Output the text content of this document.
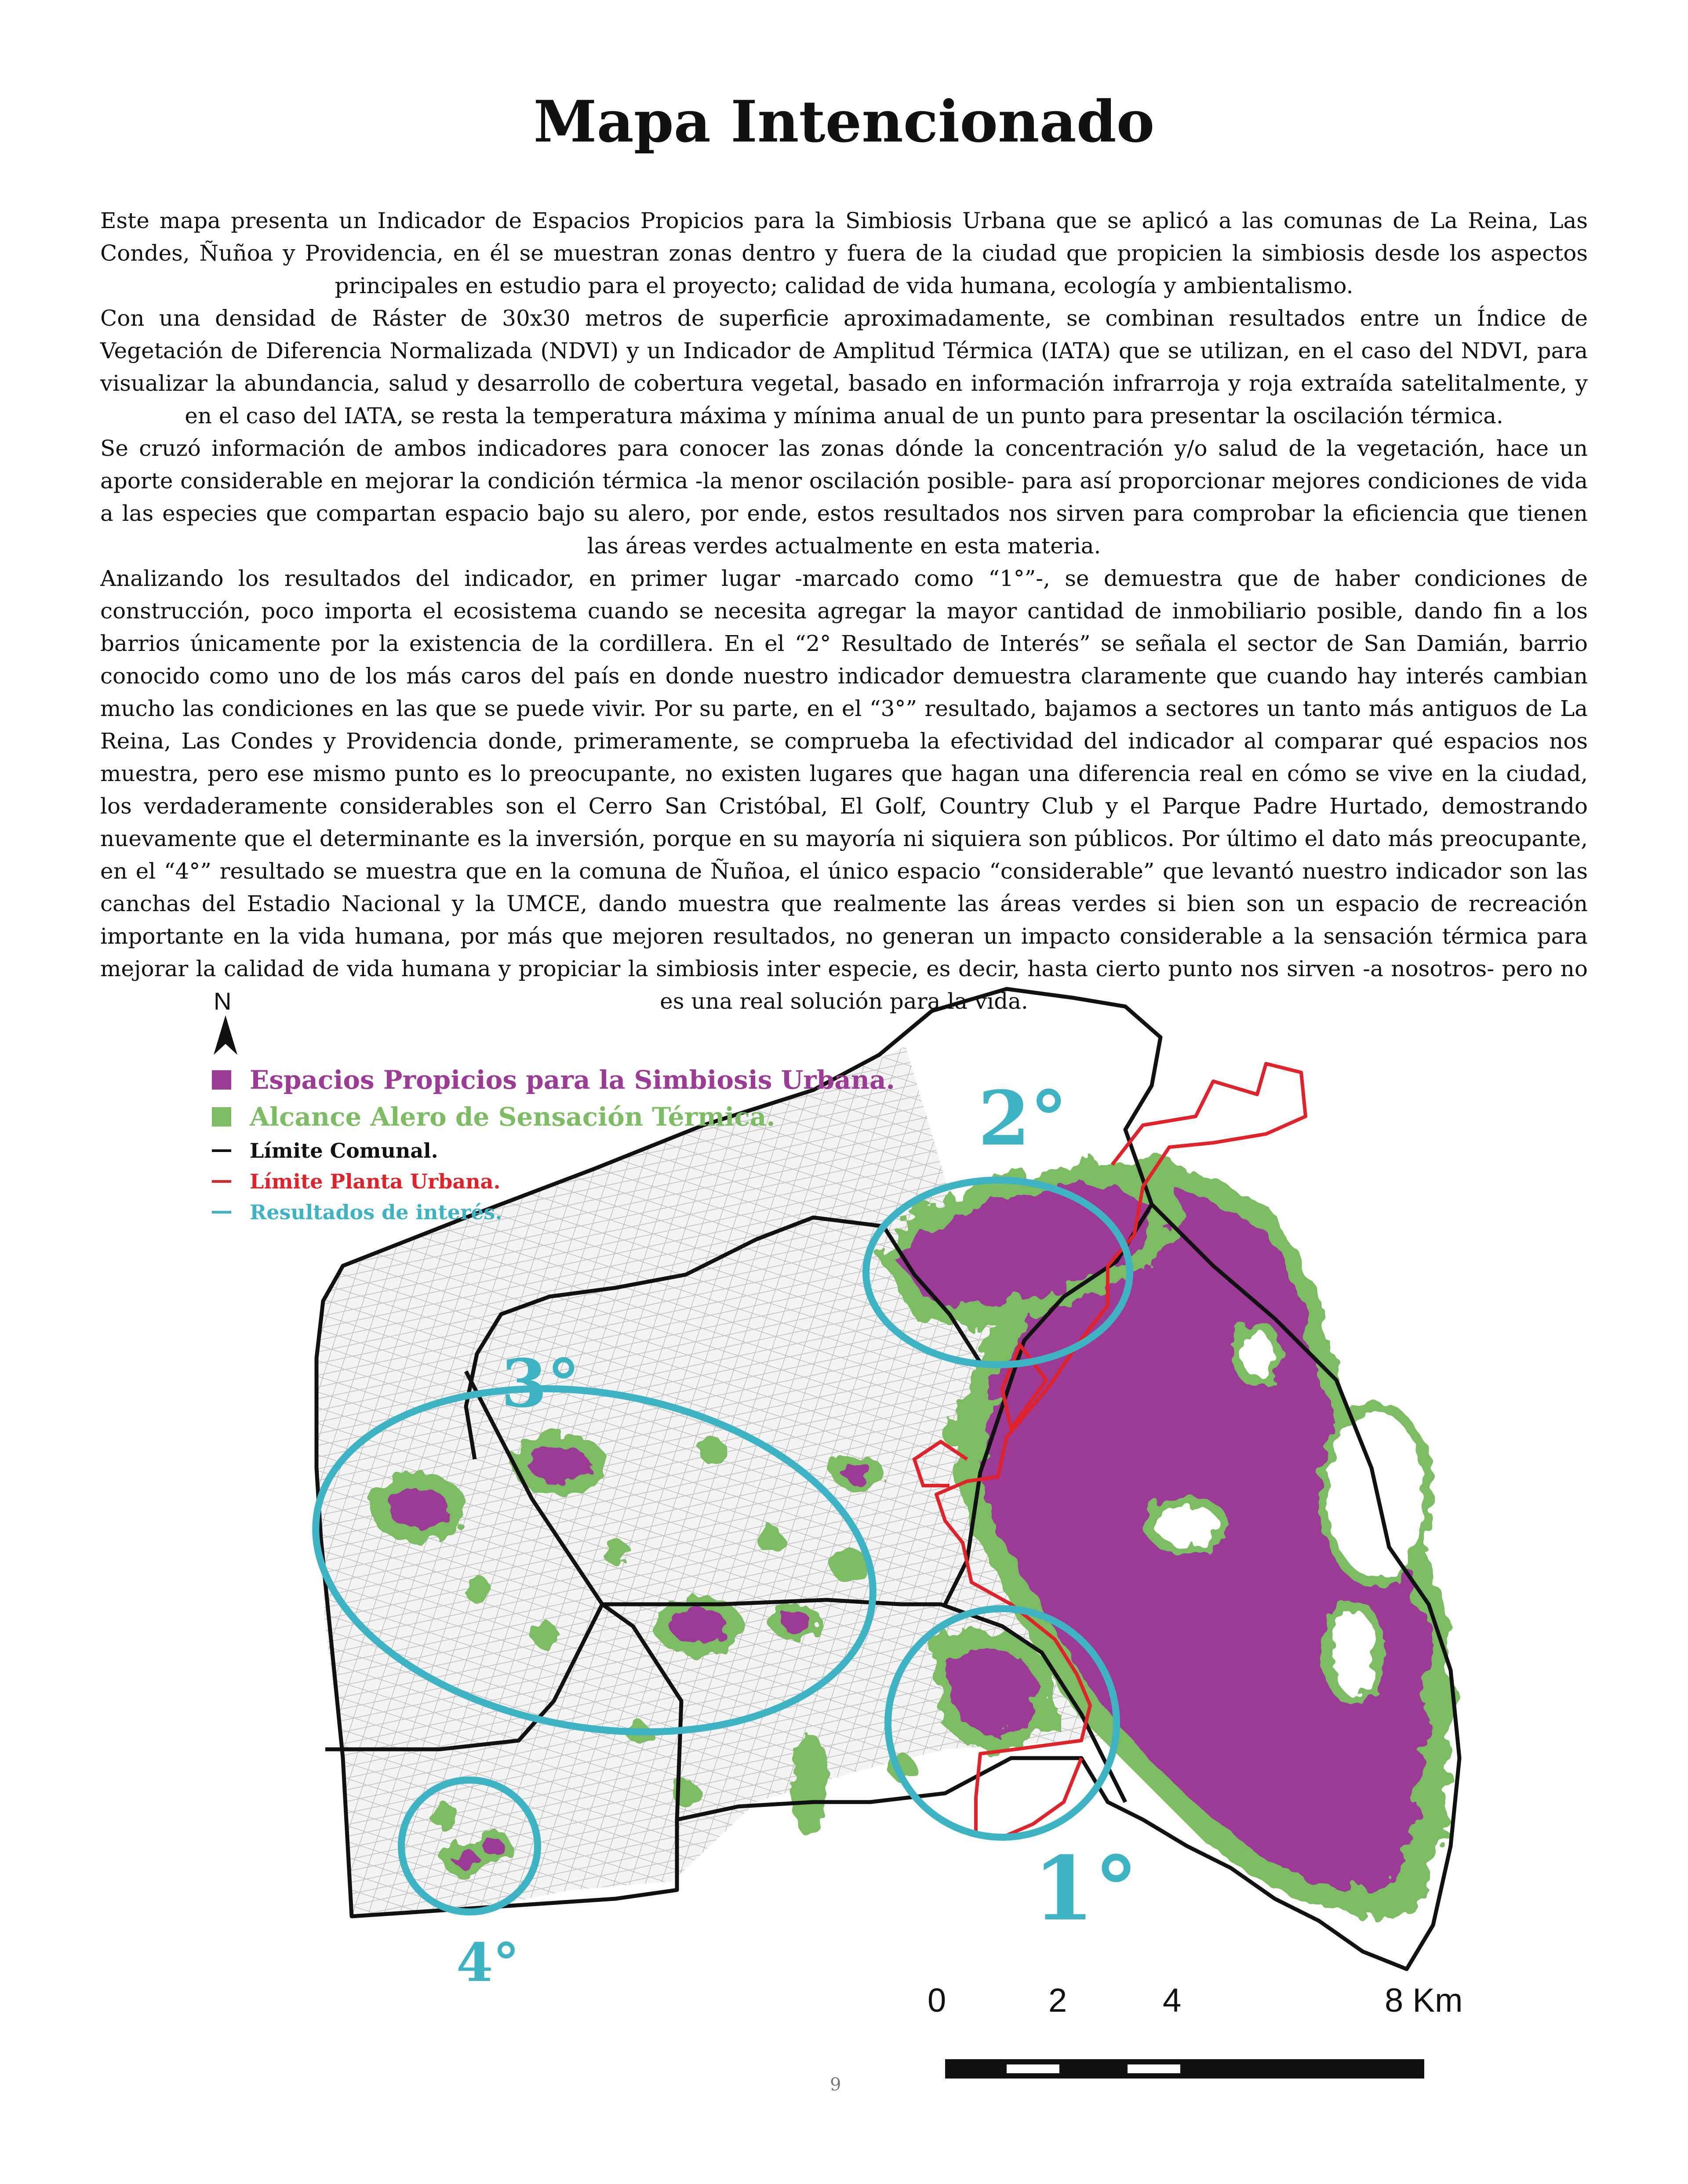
Mapa Intencionado

Este mapa presenta un Indicador de Espacios Propicios para la Simbiosis Urbana que se aplicó a las comunas de La Reina, Las Condes, Ñuñoa y Providencia, en él se muestran zonas dentro y fuera de la ciudad que propicien la simbiosis desde los aspectos principales en estudio para el proyecto; calidad de vida humana, ecología y ambientalismo.

Con una densidad de Ráster de 30x30 metros de superficie aproximadamente, se combinan resultados entre un Índice de Vegetación de Diferencia Normalizada (NDVI) y un Indicador de Amplitud Térmica (IATA) que se utilizan, en el caso del NDVI, para visualizar la abundancia, salud y desarrollo de cobertura vegetal, basado en información infrarroja y roja extraída satelitalmente, y en el caso del IATA, se resta la temperatura máxima y mínima anual de un punto para presentar la oscilación térmica.

Se cruzó información de ambos indicadores para conocer las zonas dónde la concentración y/o salud de la vegetación, hace un aporte considerable en mejorar la condición térmica -la menor oscilación posible- para así proporcionar mejores condiciones de vida a las especies que compartan espacio bajo su alero, por ende, estos resultados nos sirven para comprobar la eficiencia que tienen las áreas verdes actualmente en esta materia.

Analizando los resultados del indicador, en primer lugar -marcado como “1°”-, se demuestra que de haber condiciones de construcción, poco importa el ecosistema cuando se necesita agregar la mayor cantidad de inmobiliario posible, dando fin a los barrios únicamente por la existencia de la cordillera. En el “2° Resultado de Interés” se señala el sector de San Damián, barrio conocido como uno de los más caros del país en donde nuestro indicador demuestra claramente que cuando hay interés cambian mucho las condiciones en las que se puede vivir. Por su parte, en el “3°” resultado, bajamos a sectores un tanto más antiguos de La Reina, Las Condes y Providencia donde, primeramente, se comprueba la efectividad del indicador al comparar qué espacios nos muestra, pero ese mismo punto es lo preocupante, no existen lugares que hagan una diferencia real en cómo se vive en la ciudad, los verdaderamente considerables son el Cerro San Cristóbal, El Golf, Country Club y el Parque Padre Hurtado, demostrando nuevamente que el determinante es la inversión, porque en su mayoría ni siquiera son públicos. Por último el dato más preocupante, en el “4°” resultado se muestra que en la comuna de Ñuñoa, el único espacio “considerable” que levantó nuestro indicador son las canchas del Estadio Nacional y la UMCE, dando muestra que realmente las áreas verdes si bien son un espacio de recreación importante en la vida humana, por más que mejoren resultados, no generan un impacto considerable a la sensación térmica para mejorar la calidad de vida humana y propiciar la simbiosis inter especie, es decir, hasta cierto punto nos sirven -a nosotros- pero no es una real solución para la vida.

N
Espacios Propicios para la Simbiosis Urbana.
Alcance Alero de Sensación Térmica.
Límite Comunal.
Límite Planta Urbana.
Resultados de interés.
2°
3°
1°
4°
0	2	4	8 Km
9
